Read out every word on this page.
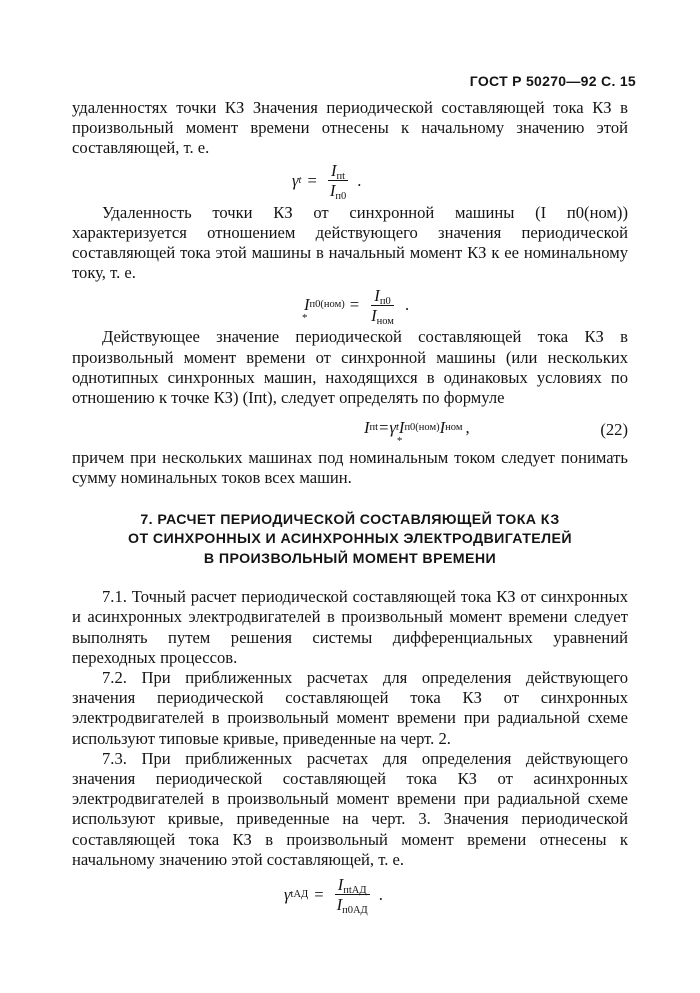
ГОСТ Р 50270—92 С. 15

удаленностях точки КЗ Значения периодической составляющей тока КЗ в произвольный момент времени отнесены к начальному значению этой составляющей, т. е.

γ $t = \frac{I_{пt}}{I_{п0}}$ .

Удаленность точки КЗ от синхронной машины (I п0(ном)) характеризуется отношением действующего значения периодической составляющей тока этой машины в начальный момент КЗ к ее номинальному току, т. е.

$I * п0(ном) = \frac{I_{п0}}{I_{ном}}$ .

Действующее значение периодической составляющей тока КЗ в произвольный момент времени от синхронной машины (или нескольких однотипных синхронных машин, находящихся в одинаковых условиях по отношению к точке КЗ) (Iпt), следует определять по формуле

I пt = γ t I * п0(ном) I ном ,	(22)

причем при нескольких машинах под номинальным током следует понимать сумму номинальных токов всех машин.

7. РАСЧЕТ ПЕРИОДИЧЕСКОЙ СОСТАВЛЯЮЩЕЙ ТОКА КЗ
ОТ СИНХРОННЫХ И АСИНХРОННЫХ ЭЛЕКТРОДВИГАТЕЛЕЙ
В ПРОИЗВОЛЬНЫЙ МОМЕНТ ВРЕМЕНИ

7.1. Точный расчет периодической составляющей тока КЗ от синхронных и асинхронных электродвигателей в произвольный момент времени следует выполнять путем решения системы дифференциальных уравнений переходных процессов.

7.2. При приближенных расчетах для определения действующего значения периодической составляющей тока КЗ от синхронных электродвигателей в произвольный момент времени при радиальной схеме используют типовые кривые, приведенные на черт. 2.

7.3. При приближенных расчетах для определения действующего значения периодической составляющей тока КЗ от асинхронных электродвигателей в произвольный момент времени при радиальной схеме используют кривые, приведенные на черт. 3. Значения периодической составляющей тока КЗ в произвольный момент времени отнесены к начальному значению этой составляющей, т. е.

γ tАД = $\frac{I_{пtАД}}{I_{п0АД}}$ .
